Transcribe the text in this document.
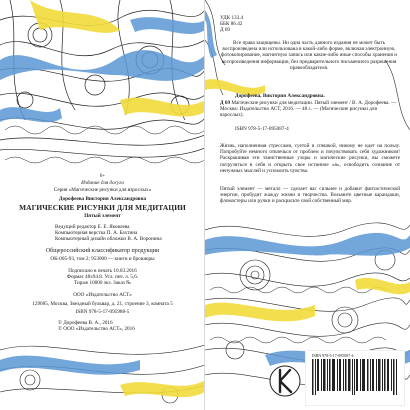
6+
Издание для досуга
Серия «Магические рисунки для взрослых»
Дорофеева Виктория Александровна
МАГИЧЕСКИЕ РИСУНКИ ДЛЯ МЕДИТАЦИИ
Пятый элемент
Ведущий редактор Е. Е. Яковлева
Компьютерная верстка П. А. Бахтина
Компьютерный дизайн обложки В. А. Воронина
Общероссийский классификатор продукции
ОК-005-93, том 2; 953000 — книги и брошюры
Подписано в печать 10.03.2016
Формат 48х94.8. Усл. печ. л. 5,6.
Тираж 10000 экз. Заказ №
ООО «Издательство АСТ»
129085, Москва, Звездный бульвар, д. 21, строение 3, комната 5
ISBN 978-5-17-095988-5
© Дорофеева В. А., 2016
© ООО «Издательство АСТ», 2016
УДК 133.4
ББК 86.42
Д 69
Все права защищены. Ни одна часть данного издания не может быть воспроизведена или использована в какой-либо форме, включая электронную, фотокопирование, магнитную запись или какие-либо иные способы хранения и воспроизведения информации, без предварительного письменного разрешения правообладателя.
Дорофеева, Виктория Александровна.
Д 69 Магические рисунки для медитации. Пятый элемент / В. А. Дорофеева. — Москва: Издательство АСТ, 2016. — 48 с. — (Магические рисунки для взрослых).
ISBN 978-5-17-095087-4
Жизнь, наполненная стрессами, суетой и спешкой, никому не идет на пользу. Попробуйте немного отвлечься от проблем и почувствовать себя художником! Раскрашивая эти таинственные узоры и магические рисунки, вы сможете погрузиться в себя и открыть свое истинное «я», освободить сознание от ненужных мыслей и успокоить чувства.
Пятый элемент — металл — сделает вас сильнее и добавит фантастической энергии, пробудит жажду жизни и творчества. Возьмите цветные карандаши, фломастеры или ручки и раскрасьте свой собственный мир.
ISBN 978-5-17-095087-4
